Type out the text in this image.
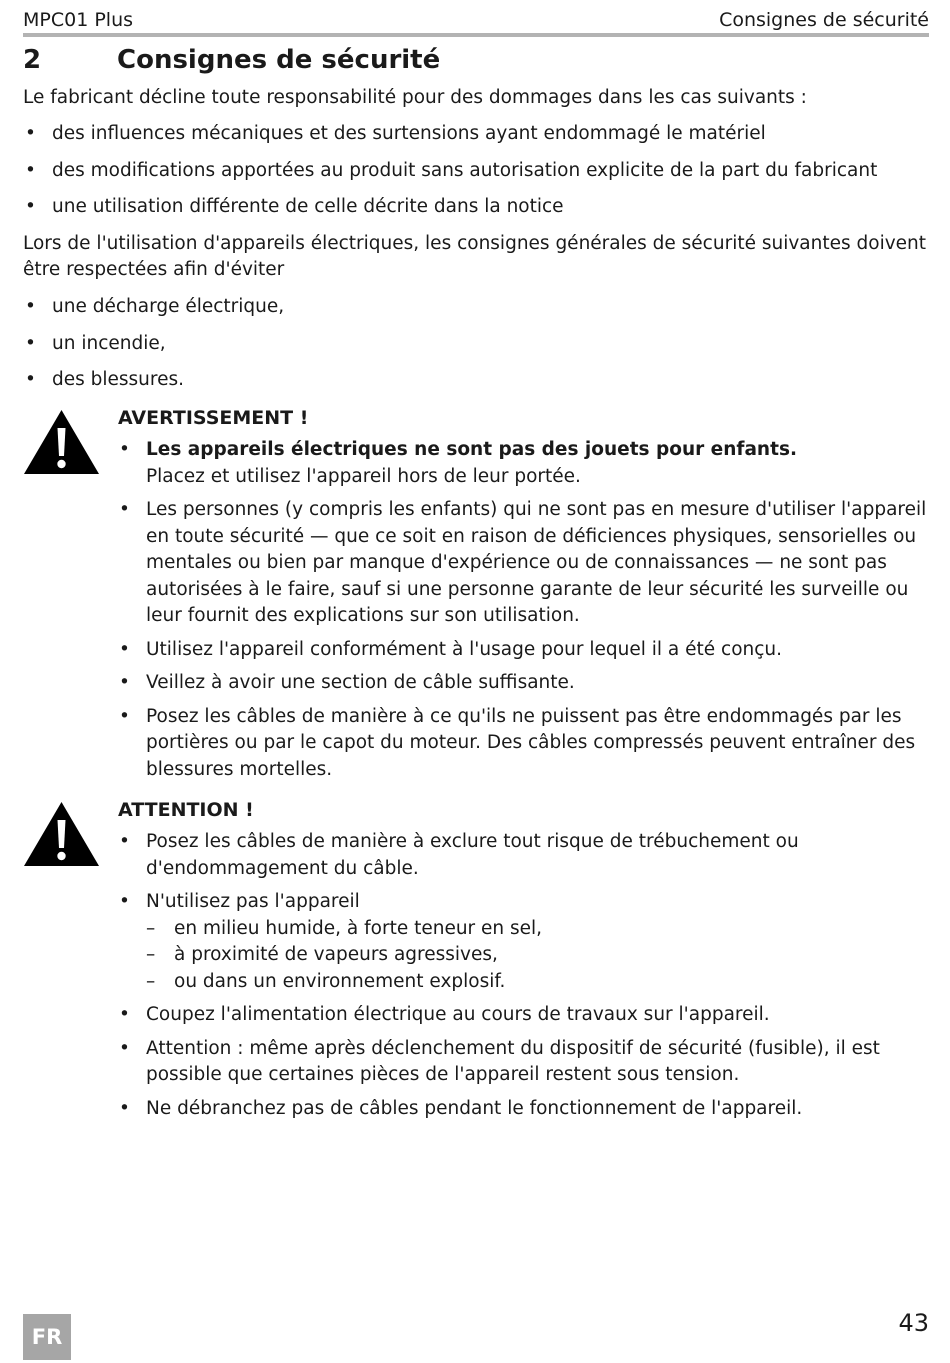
MPC01 Plus	Consignes de sécurité
2	Consignes de sécurité
Le fabricant décline toute responsabilité pour des dommages dans les cas suivants :
• des influences mécaniques et des surtensions ayant endommagé le matériel
• des modifications apportées au produit sans autorisation explicite de la part du fabricant
• une utilisation différente de celle décrite dans la notice
Lors de l'utilisation d'appareils électriques, les consignes générales de sécurité suivantes doivent être respectées afin d'éviter
• une décharge électrique,
• un incendie,
• des blessures.
AVERTISSEMENT !
• Les appareils électriques ne sont pas des jouets pour enfants.
Placez et utilisez l'appareil hors de leur portée.
• Les personnes (y compris les enfants) qui ne sont pas en mesure d'utiliser l'appareil en toute sécurité — que ce soit en raison de déficiences physiques, sensorielles ou mentales ou bien par manque d'expérience ou de connaissances — ne sont pas autorisées à le faire, sauf si une personne garante de leur sécurité les surveille ou leur fournit des explications sur son utilisation.
• Utilisez l'appareil conformément à l'usage pour lequel il a été conçu.
• Veillez à avoir une section de câble suffisante.
• Posez les câbles de manière à ce qu'ils ne puissent pas être endommagés par les portières ou par le capot du moteur. Des câbles compressés peuvent entraîner des blessures mortelles.
ATTENTION !
• Posez les câbles de manière à exclure tout risque de trébuchement ou d'endommagement du câble.
• N'utilisez pas l'appareil
– en milieu humide, à forte teneur en sel,
– à proximité de vapeurs agressives,
– ou dans un environnement explosif.
• Coupez l'alimentation électrique au cours de travaux sur l'appareil.
• Attention : même après déclenchement du dispositif de sécurité (fusible), il est possible que certaines pièces de l'appareil restent sous tension.
• Ne débranchez pas de câbles pendant le fonctionnement de l'appareil.
FR	43
